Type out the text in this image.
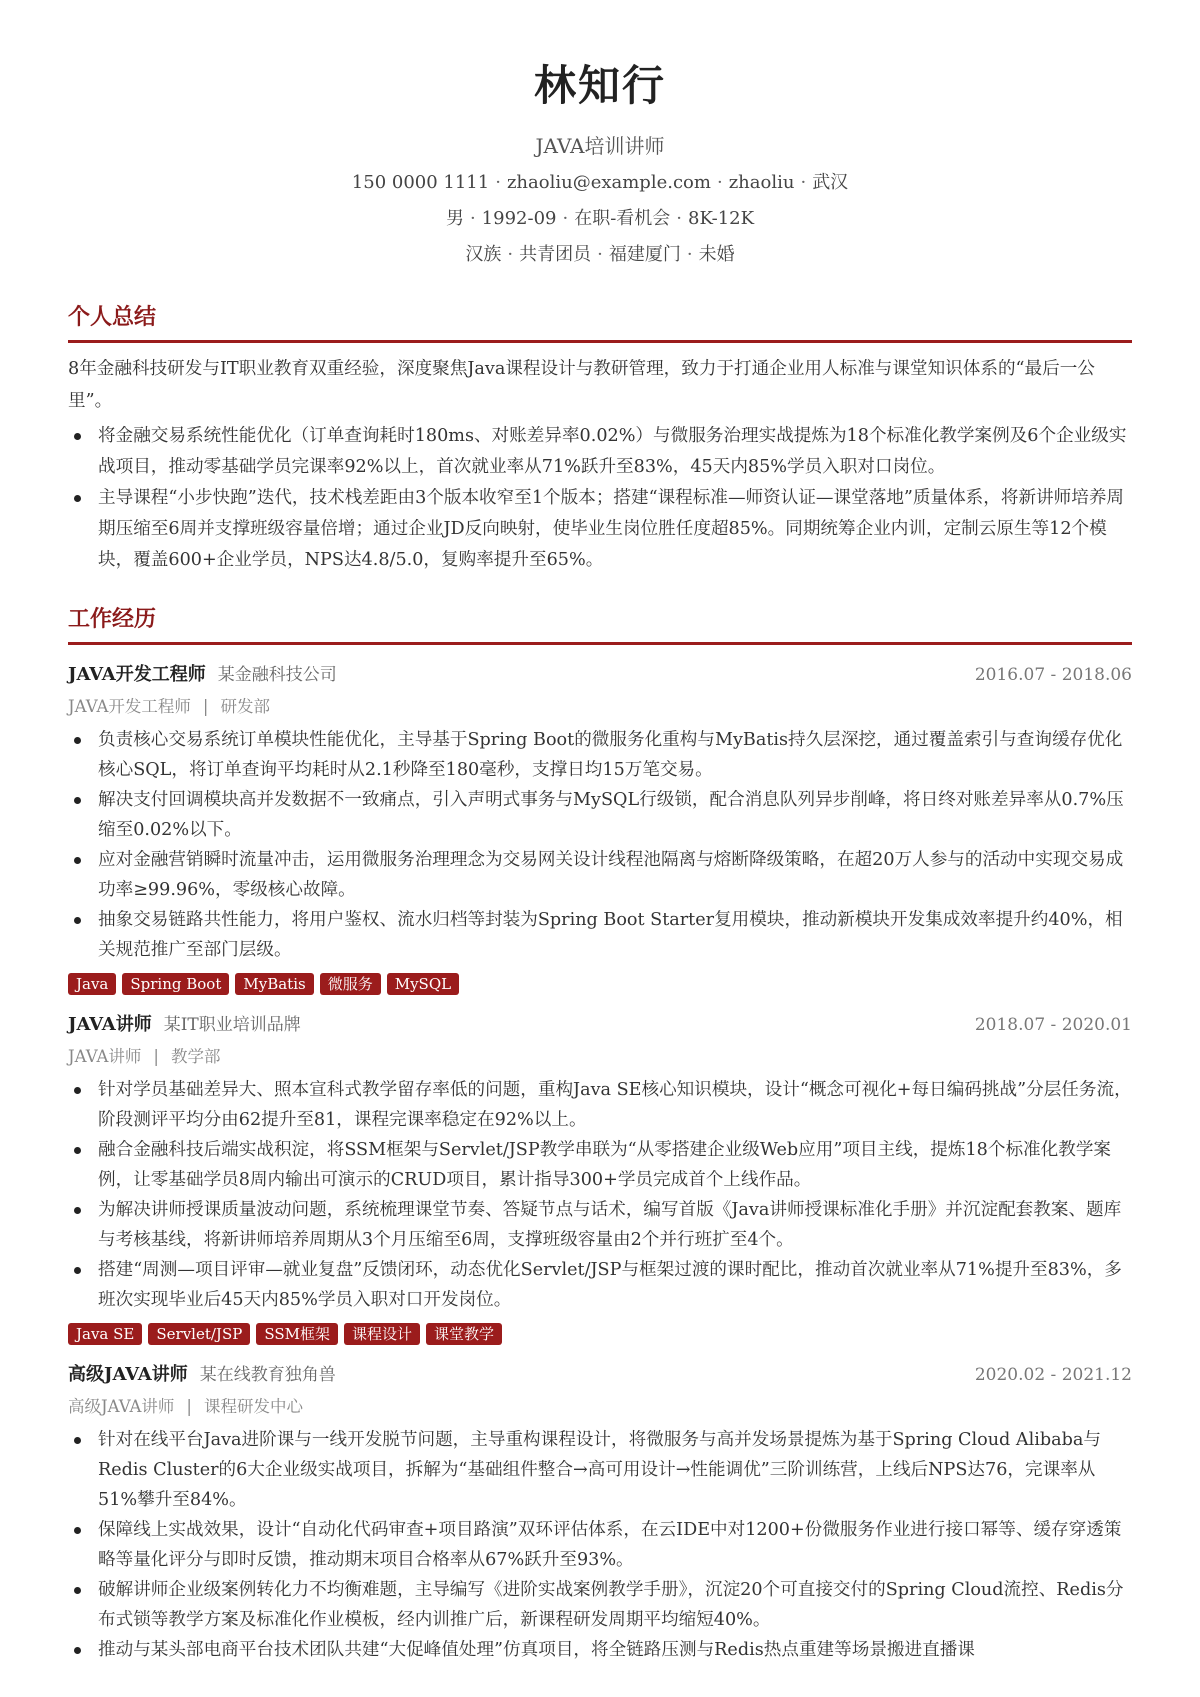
林知行
JAVA培训讲师
150 0000 1111 · zhaoliu@example.com · zhaoliu · 武汉
男 · 1992-09 · 在职-看机会 · 8K-12K
汉族 · 共青团员 · 福建厦门 · 未婚
个人总结
8年金融科技研发与IT职业教育双重经验，深度聚焦Java课程设计与教研管理，致力于打通企业用人标准与课堂知识体系的“最后一公里”。
将金融交易系统性能优化（订单查询耗时180ms、对账差异率0.02%）与微服务治理实战提炼为18个标准化教学案例及6个企业级实战项目，推动零基础学员完课率92%以上，首次就业率从71%跃升至83%，45天内85%学员入职对口岗位。
主导课程“小步快跑”迭代，技术栈差距由3个版本收窄至1个版本；搭建“课程标准—师资认证—课堂落地”质量体系，将新讲师培养周期压缩至6周并支撑班级容量倍增；通过企业JD反向映射，使毕业生岗位胜任度超85%。同期统筹企业内训，定制云原生等12个模块，覆盖600+企业学员，NPS达4.8/5.0，复购率提升至65%。
工作经历
JAVA开发工程师 某金融科技公司	2016.07 - 2018.06
JAVA开发工程师 | 研发部
负责核心交易系统订单模块性能优化，主导基于Spring Boot的微服务化重构与MyBatis持久层深挖，通过覆盖索引与查询缓存优化核心SQL，将订单查询平均耗时从2.1秒降至180毫秒，支撑日均15万笔交易。
解决支付回调模块高并发数据不一致痛点，引入声明式事务与MySQL行级锁，配合消息队列异步削峰，将日终对账差异率从0.7%压缩至0.02%以下。
应对金融营销瞬时流量冲击，运用微服务治理理念为交易网关设计线程池隔离与熔断降级策略，在超20万人参与的活动中实现交易成功率≥99.96%，零级核心故障。
抽象交易链路共性能力，将用户鉴权、流水归档等封装为Spring Boot Starter复用模块，推动新模块开发集成效率提升约40%，相关规范推广至部门层级。
Java	Spring Boot	MyBatis	微服务	MySQL
JAVA讲师 某IT职业培训品牌	2018.07 - 2020.01
JAVA讲师 | 教学部
针对学员基础差异大、照本宣科式教学留存率低的问题，重构Java SE核心知识模块，设计“概念可视化+每日编码挑战”分层任务流，阶段测评平均分由62提升至81，课程完课率稳定在92%以上。
融合金融科技后端实战积淀，将SSM框架与Servlet/JSP教学串联为“从零搭建企业级Web应用”项目主线，提炼18个标准化教学案例，让零基础学员8周内输出可演示的CRUD项目，累计指导300+学员完成首个上线作品。
为解决讲师授课质量波动问题，系统梳理课堂节奏、答疑节点与话术，编写首版《Java讲师授课标准化手册》并沉淀配套教案、题库与考核基线，将新讲师培养周期从3个月压缩至6周，支撑班级容量由2个并行班扩至4个。
搭建“周测—项目评审—就业复盘”反馈闭环，动态优化Servlet/JSP与框架过渡的课时配比，推动首次就业率从71%提升至83%，多班次实现毕业后45天内85%学员入职对口开发岗位。
Java SE	Servlet/JSP	SSM框架	课程设计	课堂教学
高级JAVA讲师 某在线教育独角兽	2020.02 - 2021.12
高级JAVA讲师 | 课程研发中心
针对在线平台Java进阶课与一线开发脱节问题，主导重构课程设计，将微服务与高并发场景提炼为基于Spring Cloud Alibaba与Redis Cluster的6大企业级实战项目，拆解为“基础组件整合→高可用设计→性能调优”三阶训练营，上线后NPS达76，完课率从51%攀升至84%。
保障线上实战效果，设计“自动化代码审查+项目路演”双环评估体系，在云IDE中对1200+份微服务作业进行接口幂等、缓存穿透策略等量化评分与即时反馈，推动期末项目合格率从67%跃升至93%。
破解讲师企业级案例转化力不均衡难题，主导编写《进阶实战案例教学手册》，沉淀20个可直接交付的Spring Cloud流控、Redis分布式锁等教学方案及标准化作业模板，经内训推广后，新课程研发周期平均缩短40%。
推动与某头部电商平台技术团队共建“大促峰值处理”仿真项目，将全链路压测与Redis热点重建等场景搬进直播课
